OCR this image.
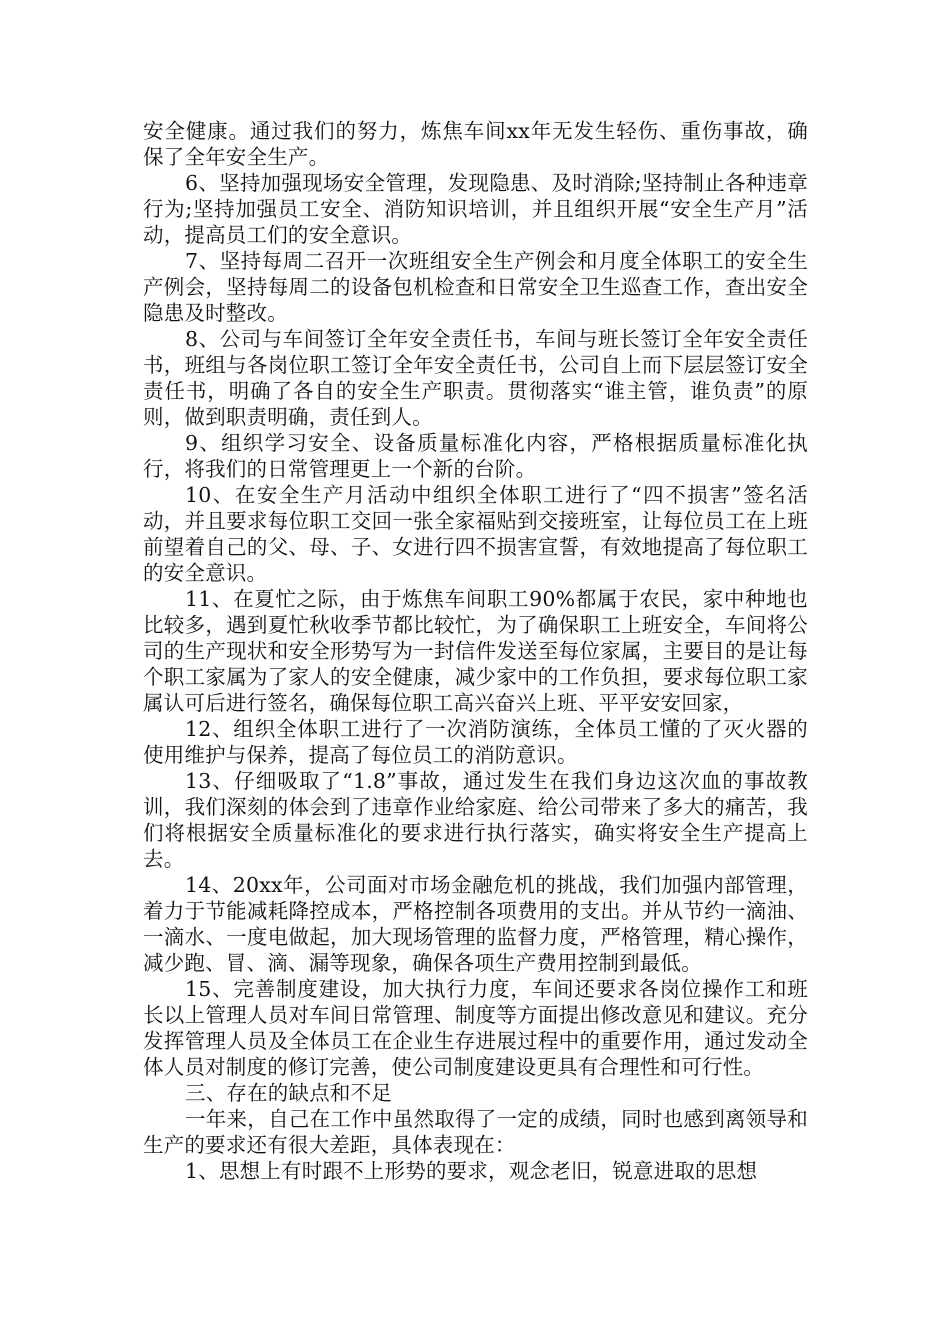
安全健康。通过我们的努力，炼焦车间xx年无发生轻伤、重伤事故，确保了全年安全生产。

6、坚持加强现场安全管理，发现隐患、及时消除;坚持制止各种违章行为;坚持加强员工安全、消防知识培训，并且组织开展“安全生产月”活动，提高员工们的安全意识。

7、坚持每周二召开一次班组安全生产例会和月度全体职工的安全生产例会，坚持每周二的设备包机检查和日常安全卫生巡查工作，查出安全隐患及时整改。

8、公司与车间签订全年安全责任书，车间与班长签订全年安全责任书，班组与各岗位职工签订全年安全责任书，公司自上而下层层签订安全责任书，明确了各自的安全生产职责。贯彻落实“谁主管，谁负责”的原则，做到职责明确，责任到人。

9、组织学习安全、设备质量标准化内容，严格根据质量标准化执行，将我们的日常管理更上一个新的台阶。

10、在安全生产月活动中组织全体职工进行了“四不损害”签名活动，并且要求每位职工交回一张全家福贴到交接班室，让每位员工在上班前望着自己的父、母、子、女进行四不损害宣誓，有效地提高了每位职工的安全意识。

11、在夏忙之际，由于炼焦车间职工90%都属于农民，家中种地也比较多，遇到夏忙秋收季节都比较忙，为了确保职工上班安全，车间将公司的生产现状和安全形势写为一封信件发送至每位家属，主要目的是让每个职工家属为了家人的安全健康，减少家中的工作负担，要求每位职工家属认可后进行签名，确保每位职工高兴奋兴上班、平平安安回家，

12、组织全体职工进行了一次消防演练，全体员工懂的了灭火器的使用维护与保养，提高了每位员工的消防意识。

13、仔细吸取了“1.8”事故，通过发生在我们身边这次血的事故教训，我们深刻的体会到了违章作业给家庭、给公司带来了多大的痛苦，我们将根据安全质量标准化的要求进行执行落实，确实将安全生产提高上去。

14、20xx年，公司面对市场金融危机的挑战，我们加强内部管理，着力于节能减耗降控成本，严格控制各项费用的支出。并从节约一滴油、一滴水、一度电做起，加大现场管理的监督力度，严格管理，精心操作，减少跑、冒、滴、漏等现象，确保各项生产费用控制到最低。

15、完善制度建设，加大执行力度，车间还要求各岗位操作工和班长以上管理人员对车间日常管理、制度等方面提出修改意见和建议。充分发挥管理人员及全体员工在企业生存进展过程中的重要作用，通过发动全体人员对制度的修订完善，使公司制度建设更具有合理性和可行性。

三、存在的缺点和不足

一年来，自己在工作中虽然取得了一定的成绩，同时也感到离领导和生产的要求还有很大差距，具体表现在：

1、思想上有时跟不上形势的要求，观念老旧，锐意进取的思想
